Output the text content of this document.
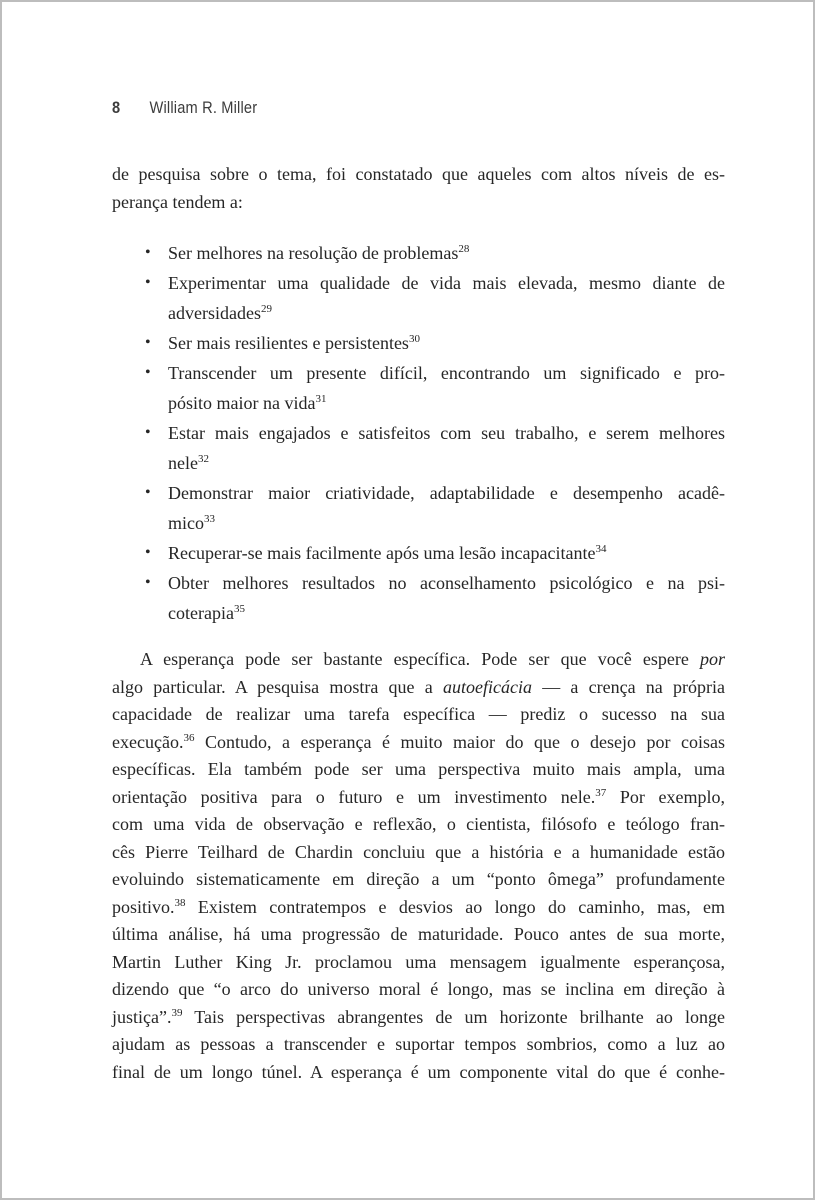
8 William R. Miller
de pesquisa sobre o tema, foi constatado que aqueles com altos níveis de es-
perança tendem a:
• Ser melhores na resolução de problemas$^{28}$
• Experimentar uma qualidade de vida mais elevada, mesmo diante de
adversidades$^{29}$
• Ser mais resilientes e persistentes$^{30}$
• Transcender um presente difícil, encontrando um significado e pro-
pósito maior na vida$^{31}$
• Estar mais engajados e satisfeitos com seu trabalho, e serem melhores
nele$^{32}$
• Demonstrar maior criatividade, adaptabilidade e desempenho acadê-
mico$^{33}$
• Recuperar-se mais facilmente após uma lesão incapacitante$^{34}$
• Obter melhores resultados no aconselhamento psicológico e na psi-
coterapia$^{35}$
A esperança pode ser bastante específica. Pode ser que você espere por
algo particular. A pesquisa mostra que a autoeficácia — a crença na própria
capacidade de realizar uma tarefa específica — prediz o sucesso na sua
execução.$^{36}$ Contudo, a esperança é muito maior do que o desejo por coisas
específicas. Ela também pode ser uma perspectiva muito mais ampla, uma
orientação positiva para o futuro e um investimento nele.$^{37}$ Por exemplo,
com uma vida de observação e reflexão, o cientista, filósofo e teólogo fran-
cês Pierre Teilhard de Chardin concluiu que a história e a humanidade estão
evoluindo sistematicamente em direção a um “ponto ômega” profundamente
positivo.$^{38}$ Existem contratempos e desvios ao longo do caminho, mas, em
última análise, há uma progressão de maturidade. Pouco antes de sua morte,
Martin Luther King Jr. proclamou uma mensagem igualmente esperançosa,
dizendo que “o arco do universo moral é longo, mas se inclina em direção à
justiça”.$^{39}$ Tais perspectivas abrangentes de um horizonte brilhante ao longe
ajudam as pessoas a transcender e suportar tempos sombrios, como a luz ao
final de um longo túnel. A esperança é um componente vital do que é conhe-
